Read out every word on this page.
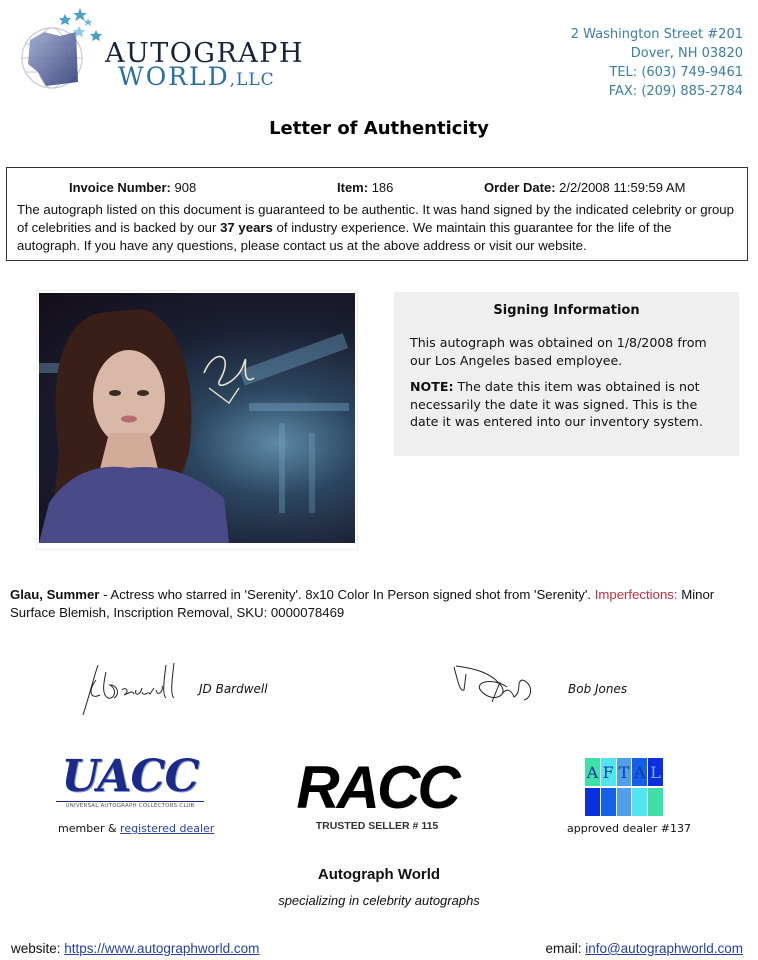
AUTOGRAPH
WORLD,LLC
2 Washington Street #201
Dover, NH 03820
TEL: (603) 749-9461
FAX: (209) 885-2784
Letter of Authenticity
Invoice Number: 908	Item: 186	Order Date: 2/2/2008 11:59:59 AM
The autograph listed on this document is guaranteed to be authentic. It was hand signed by the indicated celebrity or group of celebrities and is backed by our 37 years of industry experience. We maintain this guarantee for the life of the autograph. If you have any questions, please contact us at the above address or visit our website.
Signing Information

This autograph was obtained on 1/8/2008 from our Los Angeles based employee.

NOTE: The date this item was obtained is not necessarily the date it was signed. This is the date it was entered into our inventory system.

Glau, Summer - Actress who starred in 'Serenity'. 8x10 Color In Person signed shot from 'Serenity'. Imperfections: Minor Surface Blemish, Inscription Removal, SKU: 0000078469
JD Bardwell	Bob Jones
UACC
UNIVERSAL AUTOGRAPH COLLECTORS CLUB
member & registered dealer
RACC
TRUSTED SELLER # 115
A F T A L
approved dealer #137
Autograph World
specializing in celebrity autographs
website: https://www.autographworld.com	email: info@autographworld.com
